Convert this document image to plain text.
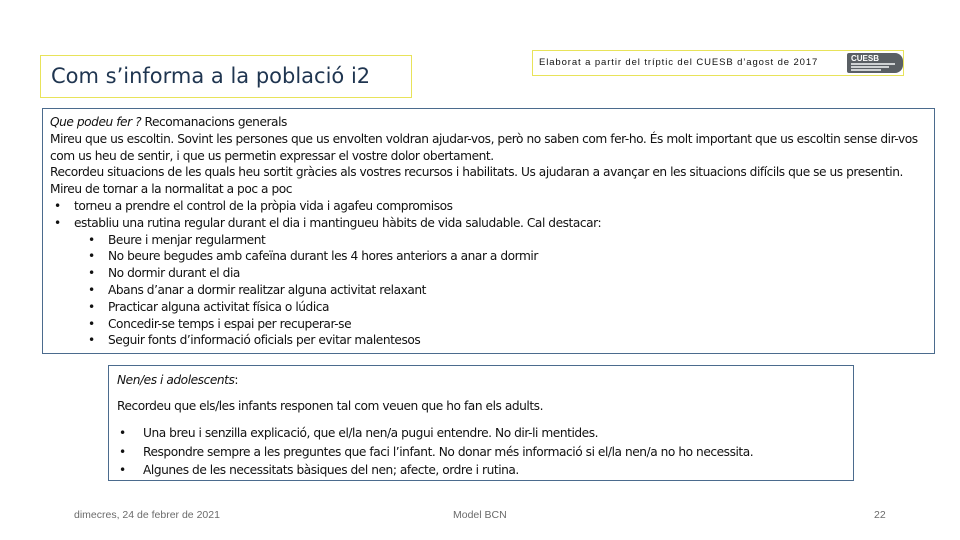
Com s’informa a la població i2
Elaborat a partir del tríptic del CUESB d’agost de 2017	CUESB
Que podeu fer ? Recomanacions generals
Mireu que us escoltin. Sovint les persones que us envolten voldran ajudar-vos, però no saben com fer-ho. És molt important que us escoltin sense dir-vos
com us heu de sentir, i que us permetin expressar el vostre dolor obertament.
Recordeu situacions de les quals heu sortit gràcies als vostres recursos i habilitats. Us ajudaran a avançar en les situacions difícils que se us presentin.
Mireu de tornar a la normalitat a poc a poc
• torneu a prendre el control de la pròpia vida i agafeu compromisos
• establiu una rutina regular durant el dia i mantingueu hàbits de vida saludable. Cal destacar:
• Beure i menjar regularment
• No beure begudes amb cafeïna durant les 4 hores anteriors a anar a dormir
• No dormir durant el dia
• Abans d’anar a dormir realitzar alguna activitat relaxant
• Practicar alguna activitat física o lúdica
• Concedir-se temps i espai per recuperar-se
• Seguir fonts d’informació oficials per evitar malentesos
Nen/es i adolescents:
Recordeu que els/les infants responen tal com veuen que ho fan els adults.
• Una breu i senzilla explicació, que el/la nen/a pugui entendre. No dir-li mentides.
• Respondre sempre a les preguntes que faci l’infant. No donar més informació si el/la nen/a no ho necessita.
• Algunes de les necessitats bàsiques del nen; afecte, ordre i rutina.
dimecres, 24 de febrer de 2021	Model BCN	22
